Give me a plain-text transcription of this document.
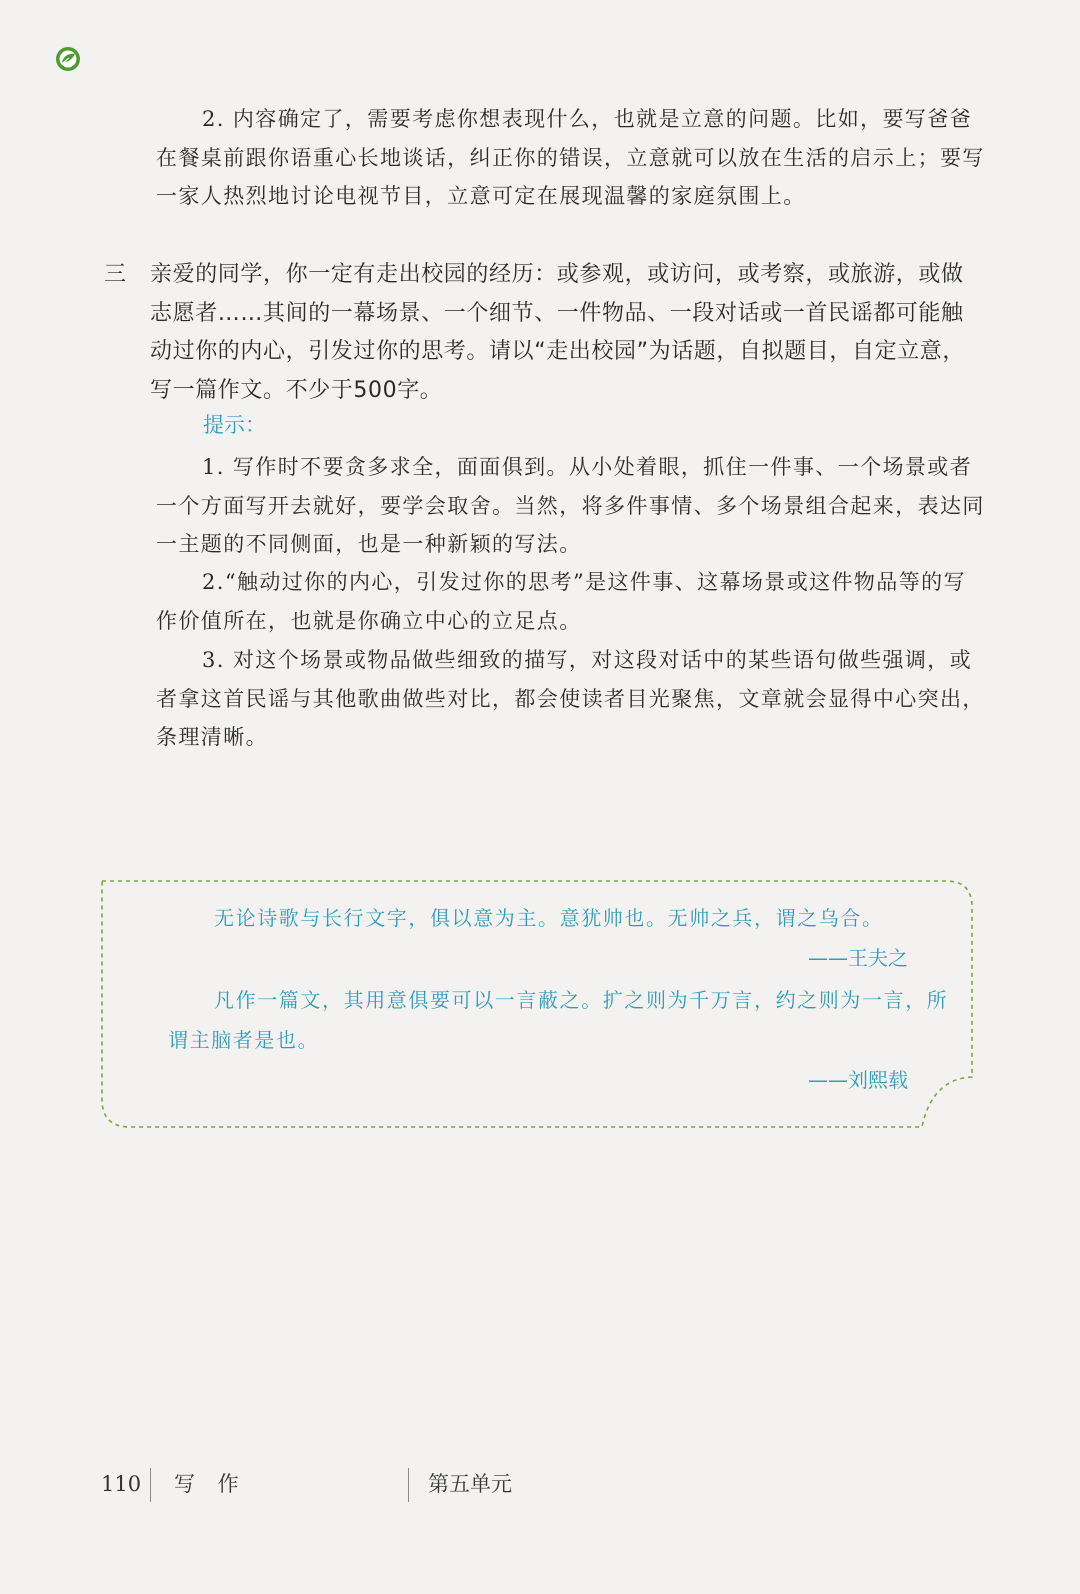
2. 内容确定了，需要考虑你想表现什么，也就是立意的问题。比如，要写爸爸在餐桌前跟你语重心长地谈话，纠正你的错误，立意就可以放在生活的启示上；要写一家人热烈地讨论电视节目，立意可定在展现温馨的家庭氛围上。

三 亲爱的同学，你一定有走出校园的经历：或参观，或访问，或考察，或旅游，或做志愿者……其间的一幕场景、一个细节、一件物品、一段对话或一首民谣都可能触动过你的内心，引发过你的思考。请以“走出校园”为话题，自拟题目，自定立意，写一篇作文。不少于500字。

提示：

1. 写作时不要贪多求全，面面俱到。从小处着眼，抓住一件事、一个场景或者一个方面写开去就好，要学会取舍。当然，将多件事情、多个场景组合起来，表达同一主题的不同侧面，也是一种新颖的写法。

2.“触动过你的内心，引发过你的思考”是这件事、这幕场景或这件物品等的写作价值所在，也就是你确立中心的立足点。

3. 对这个场景或物品做些细致的描写，对这段对话中的某些语句做些强调，或者拿这首民谣与其他歌曲做些对比，都会使读者目光聚焦，文章就会显得中心突出，条理清晰。

无论诗歌与长行文字，俱以意为主。意犹帅也。无帅之兵，谓之乌合。

——王夫之

凡作一篇文，其用意俱要可以一言蔽之。扩之则为千万言，约之则为一言，所谓主脑者是也。

——刘熙载
110 写 作	第五单元
